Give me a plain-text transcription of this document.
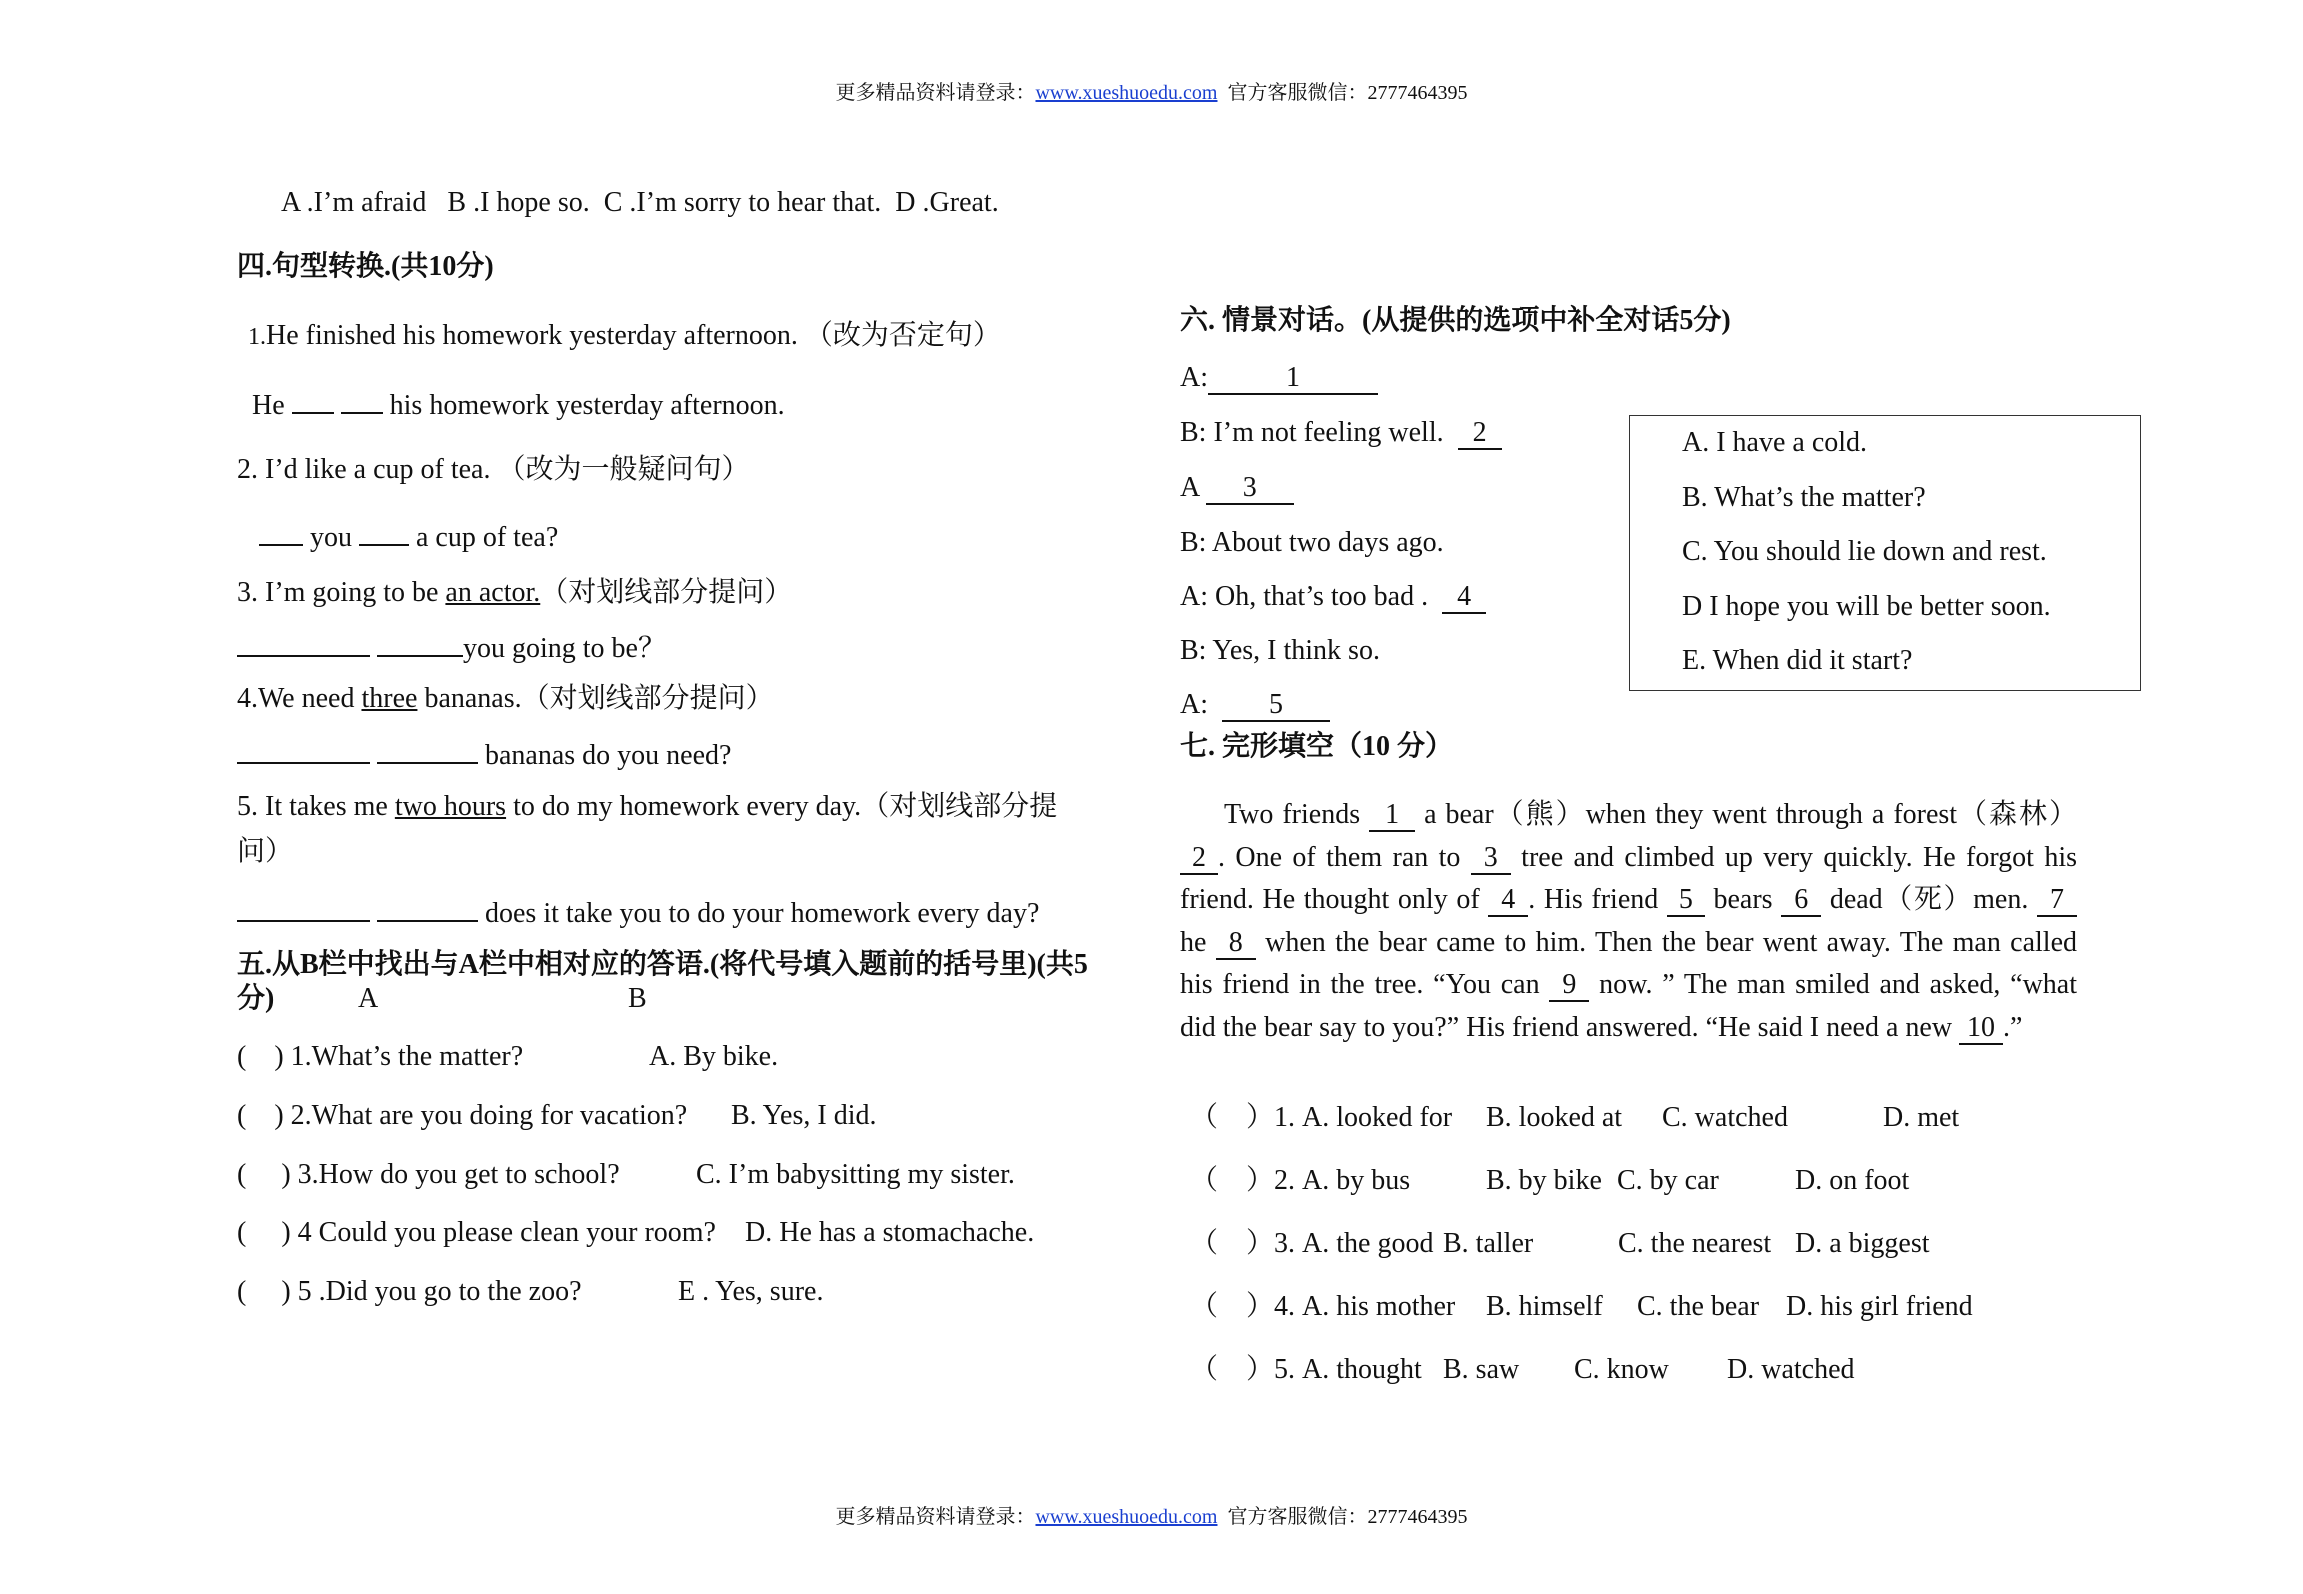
更多精品资料请登录：www.xueshuoedu.com 官方客服微信：2777464395
A .I’m afraid   B .I hope so.  C .I’m sorry to hear that.  D .Great.
四.句型转换.(共10分)
1.He finished his homework yesterday afternoon. （改为否定句）
He	his homework yesterday afternoon.
2. I’d like a cup of tea. （改为一般疑问句）
you a cup of tea?
3. I’m going to be an actor.（对划线部分提问）
you going to be？
4.We need three bananas.（对划线部分提问）
bananas do you need?
5. It takes me two hours to do my homework every day.（对划线部分提
问）
does it take you to do your homework every day?
五.从B栏中找出与A栏中相对应的答语.(将代号填入题前的括号里)(共5
分)	A	B
(    ) 1.What’s the matter?	A. By bike.
(    ) 2.What are you doing for vacation? B. Yes, I did.
(     ) 3.How do you get to school?	C. I’m babysitting my sister.
(     ) 4 Could you please clean your room? D. He has a stomachache.
(     ) 5 .Did you go to the zoo?	E . Yes, sure.
六. 情景对话。(从提供的选项中补全对话5分)
A:	1
B: I’m not feeling well. 2
A 3
B: About two days ago.
A: Oh, that’s too bad . 4
B: Yes, I think so.
A: 5
A. I have a cold.
B. What’s the matter?
C. You should lie down and rest.
D I hope you will be better soon.
E. When did it start?
七. 完形填空（10 分）
Two friends 1 a bear（熊）when they went through a forest（森林）2 . One of them ran to 3 tree and climbed up very quickly. He forgot his friend. He thought only of 4 . His friend 5 bears 6 dead（死）men. 7 he 8 when the bear came to him. Then the bear went away. The man called his friend in the tree. “You can 9 now. ” The man smiled and asked, “what did the bear say to you?” His friend answered. “He said I need a new 10 .”
（    ）1. A. looked for B. looked at C. watched	D. met
（    ）2. A. by bus	B. by bike C. by car	D. on foot
（    ）3. A. the good B. taller	C. the nearest D. a biggest
（    ）4. A. his mother B. himself C. the bear D. his girl friend
（    ）5. A. thought B. saw C. know D. watched
更多精品资料请登录：www.xueshuoedu.com 官方客服微信：2777464395
